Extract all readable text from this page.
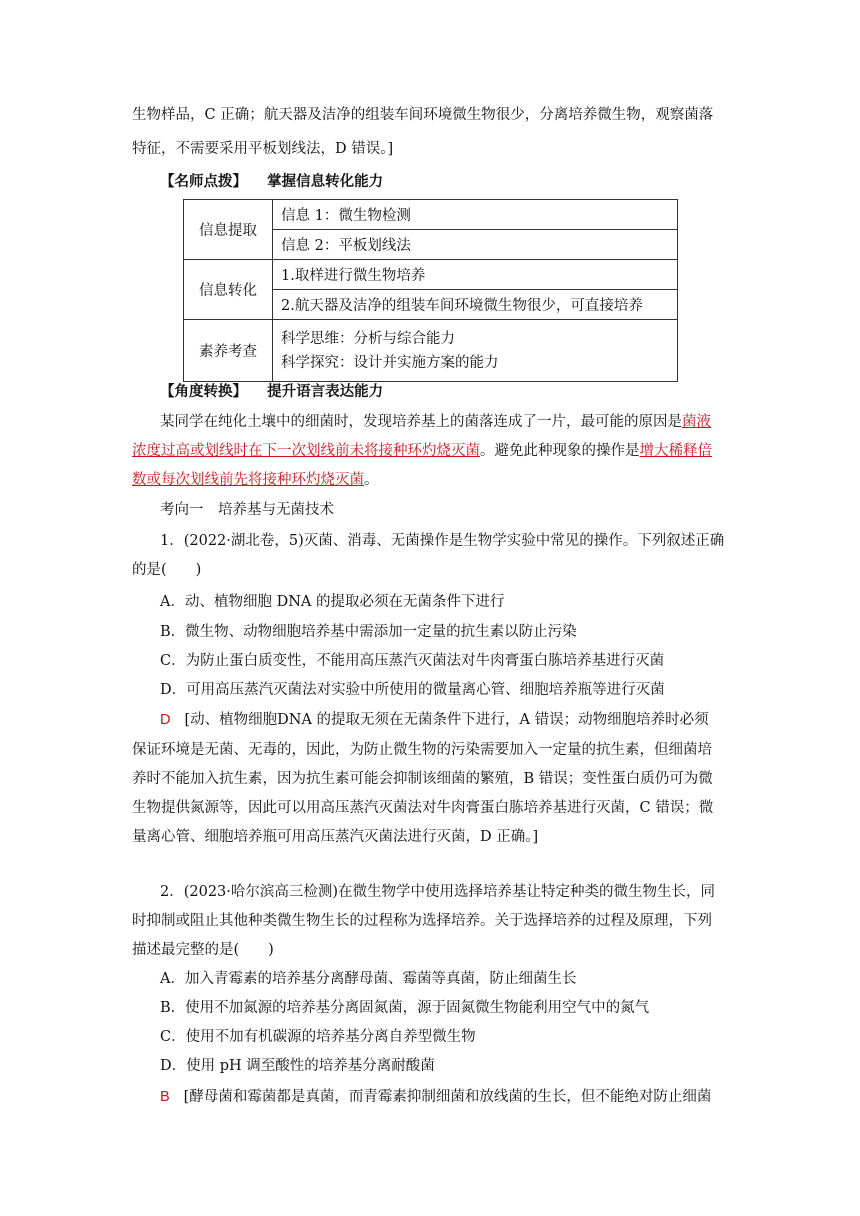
生物样品，C 正确；航天器及洁净的组装车间环境微生物很少，分离培养微生物，观察菌落
特征，不需要采用平板划线法，D 错误。]
【名师点拨】 掌握信息转化能力
信息提取	信息 1：微生物检测
	信息 2：平板划线法
信息转化	1.取样进行微生物培养
	2.航天器及洁净的组装车间环境微生物很少，可直接培养
素养考查	科学思维：分析与综合能力
科学探究：设计并实施方案的能力
【角度转换】 提升语言表达能力
某同学在纯化土壤中的细菌时，发现培养基上的菌落连成了一片，最可能的原因是菌液
浓度过高或划线时在下一次划线前未将接种环灼烧灭菌。避免此种现象的操作是增大稀释倍
数或每次划线前先将接种环灼烧灭菌。
考向一　培养基与无菌技术
1．(2022·湖北卷，5)灭菌、消毒、无菌操作是生物学实验中常见的操作。下列叙述正确
的是(　　)
A．动、植物细胞 DNA 的提取必须在无菌条件下进行
B．微生物、动物细胞培养基中需添加一定量的抗生素以防止污染
C．为防止蛋白质变性，不能用高压蒸汽灭菌法对牛肉膏蛋白胨培养基进行灭菌
D．可用高压蒸汽灭菌法对实验中所使用的微量离心管、细胞培养瓶等进行灭菌
D [动、植物细胞DNA 的提取无须在无菌条件下进行，A 错误；动物细胞培养时必须
保证环境是无菌、无毒的，因此，为防止微生物的污染需要加入一定量的抗生素，但细菌培
养时不能加入抗生素，因为抗生素可能会抑制该细菌的繁殖，B 错误；变性蛋白质仍可为微
生物提供氮源等，因此可以用高压蒸汽灭菌法对牛肉膏蛋白胨培养基进行灭菌，C 错误；微
量离心管、细胞培养瓶可用高压蒸汽灭菌法进行灭菌，D 正确。]
2．(2023·哈尔滨高三检测)在微生物学中使用选择培养基让特定种类的微生物生长，同
时抑制或阻止其他种类微生物生长的过程称为选择培养。关于选择培养的过程及原理，下列
描述最完整的是(　　)
A．加入青霉素的培养基分离酵母菌、霉菌等真菌，防止细菌生长
B．使用不加氮源的培养基分离固氮菌，源于固氮微生物能利用空气中的氮气
C．使用不加有机碳源的培养基分离自养型微生物
D．使用 pH 调至酸性的培养基分离耐酸菌
B [酵母菌和霉菌都是真菌，而青霉素抑制细菌和放线菌的生长，但不能绝对防止细菌
